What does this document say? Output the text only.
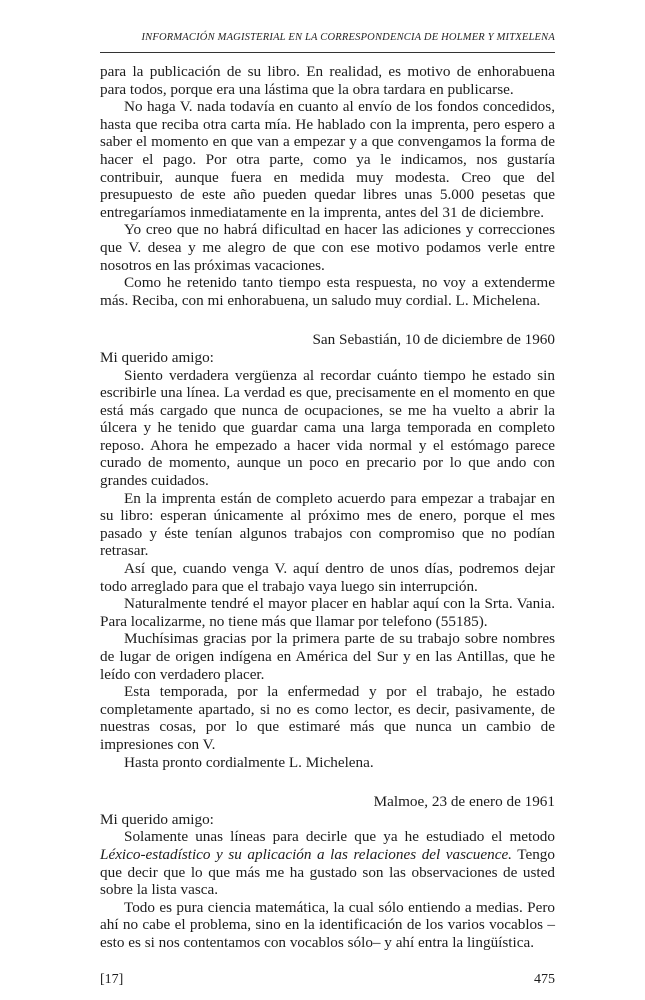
INFORMACIÓN MAGISTERIAL EN LA CORRESPONDENCIA DE HOLMER Y MITXELENA

para la publicación de su libro. En realidad, es motivo de enhorabuena para todos, porque era una lástima que la obra tardara en publicarse.

No haga V. nada todavía en cuanto al envío de los fondos concedidos, hasta que reciba otra carta mía. He hablado con la imprenta, pero espero a saber el momento en que van a empezar y a que convengamos la forma de hacer el pago. Por otra parte, como ya le indicamos, nos gustaría contribuir, aunque fuera en medida muy modesta. Creo que del presupuesto de este año pueden quedar libres unas 5.000 pesetas que entregaríamos inmediatamente en la imprenta, antes del 31 de diciembre.

Yo creo que no habrá dificultad en hacer las adiciones y correcciones que V. desea y me alegro de que con ese motivo podamos verle entre nosotros en las próximas vacaciones.

Como he retenido tanto tiempo esta respuesta, no voy a extenderme más. Reciba, con mi enhorabuena, un saludo muy cordial. L. Michelena.

San Sebastián, 10 de diciembre de 1960

Mi querido amigo:

Siento verdadera vergüenza al recordar cuánto tiempo he estado sin escribirle una línea. La verdad es que, precisamente en el momento en que está más cargado que nunca de ocupaciones, se me ha vuelto a abrir la úlcera y he tenido que guardar cama una larga temporada en completo reposo. Ahora he empezado a hacer vida normal y el estómago parece curado de momento, aunque un poco en precario por lo que ando con grandes cuidados.

En la imprenta están de completo acuerdo para empezar a trabajar en su libro: esperan únicamente al próximo mes de enero, porque el mes pasado y éste tenían algunos trabajos con compromiso que no podían retrasar.

Así que, cuando venga V. aquí dentro de unos días, podremos dejar todo arreglado para que el trabajo vaya luego sin interrupción.

Naturalmente tendré el mayor placer en hablar aquí con la Srta. Vania. Para localizarme, no tiene más que llamar por telefono (55185).

Muchísimas gracias por la primera parte de su trabajo sobre nombres de lugar de origen indígena en América del Sur y en las Antillas, que he leído con verdadero placer.

Esta temporada, por la enfermedad y por el trabajo, he estado completamente apartado, si no es como lector, es decir, pasivamente, de nuestras cosas, por lo que estimaré más que nunca un cambio de impresiones con V.

Hasta pronto cordialmente L. Michelena.

Malmoe, 23 de enero de 1961

Mi querido amigo:

Solamente unas líneas para decirle que ya he estudiado el metodo Léxico-estadístico y su aplicación a las relaciones del vascuence. Tengo que decir que lo que más me ha gustado son las observaciones de usted sobre la lista vasca.

Todo es pura ciencia matemática, la cual sólo entiendo a medias. Pero ahí no cabe el problema, sino en la identificación de los varios vocablos –esto es si nos contentamos con vocablos sólo– y ahí entra la lingüística.

[17]	475
